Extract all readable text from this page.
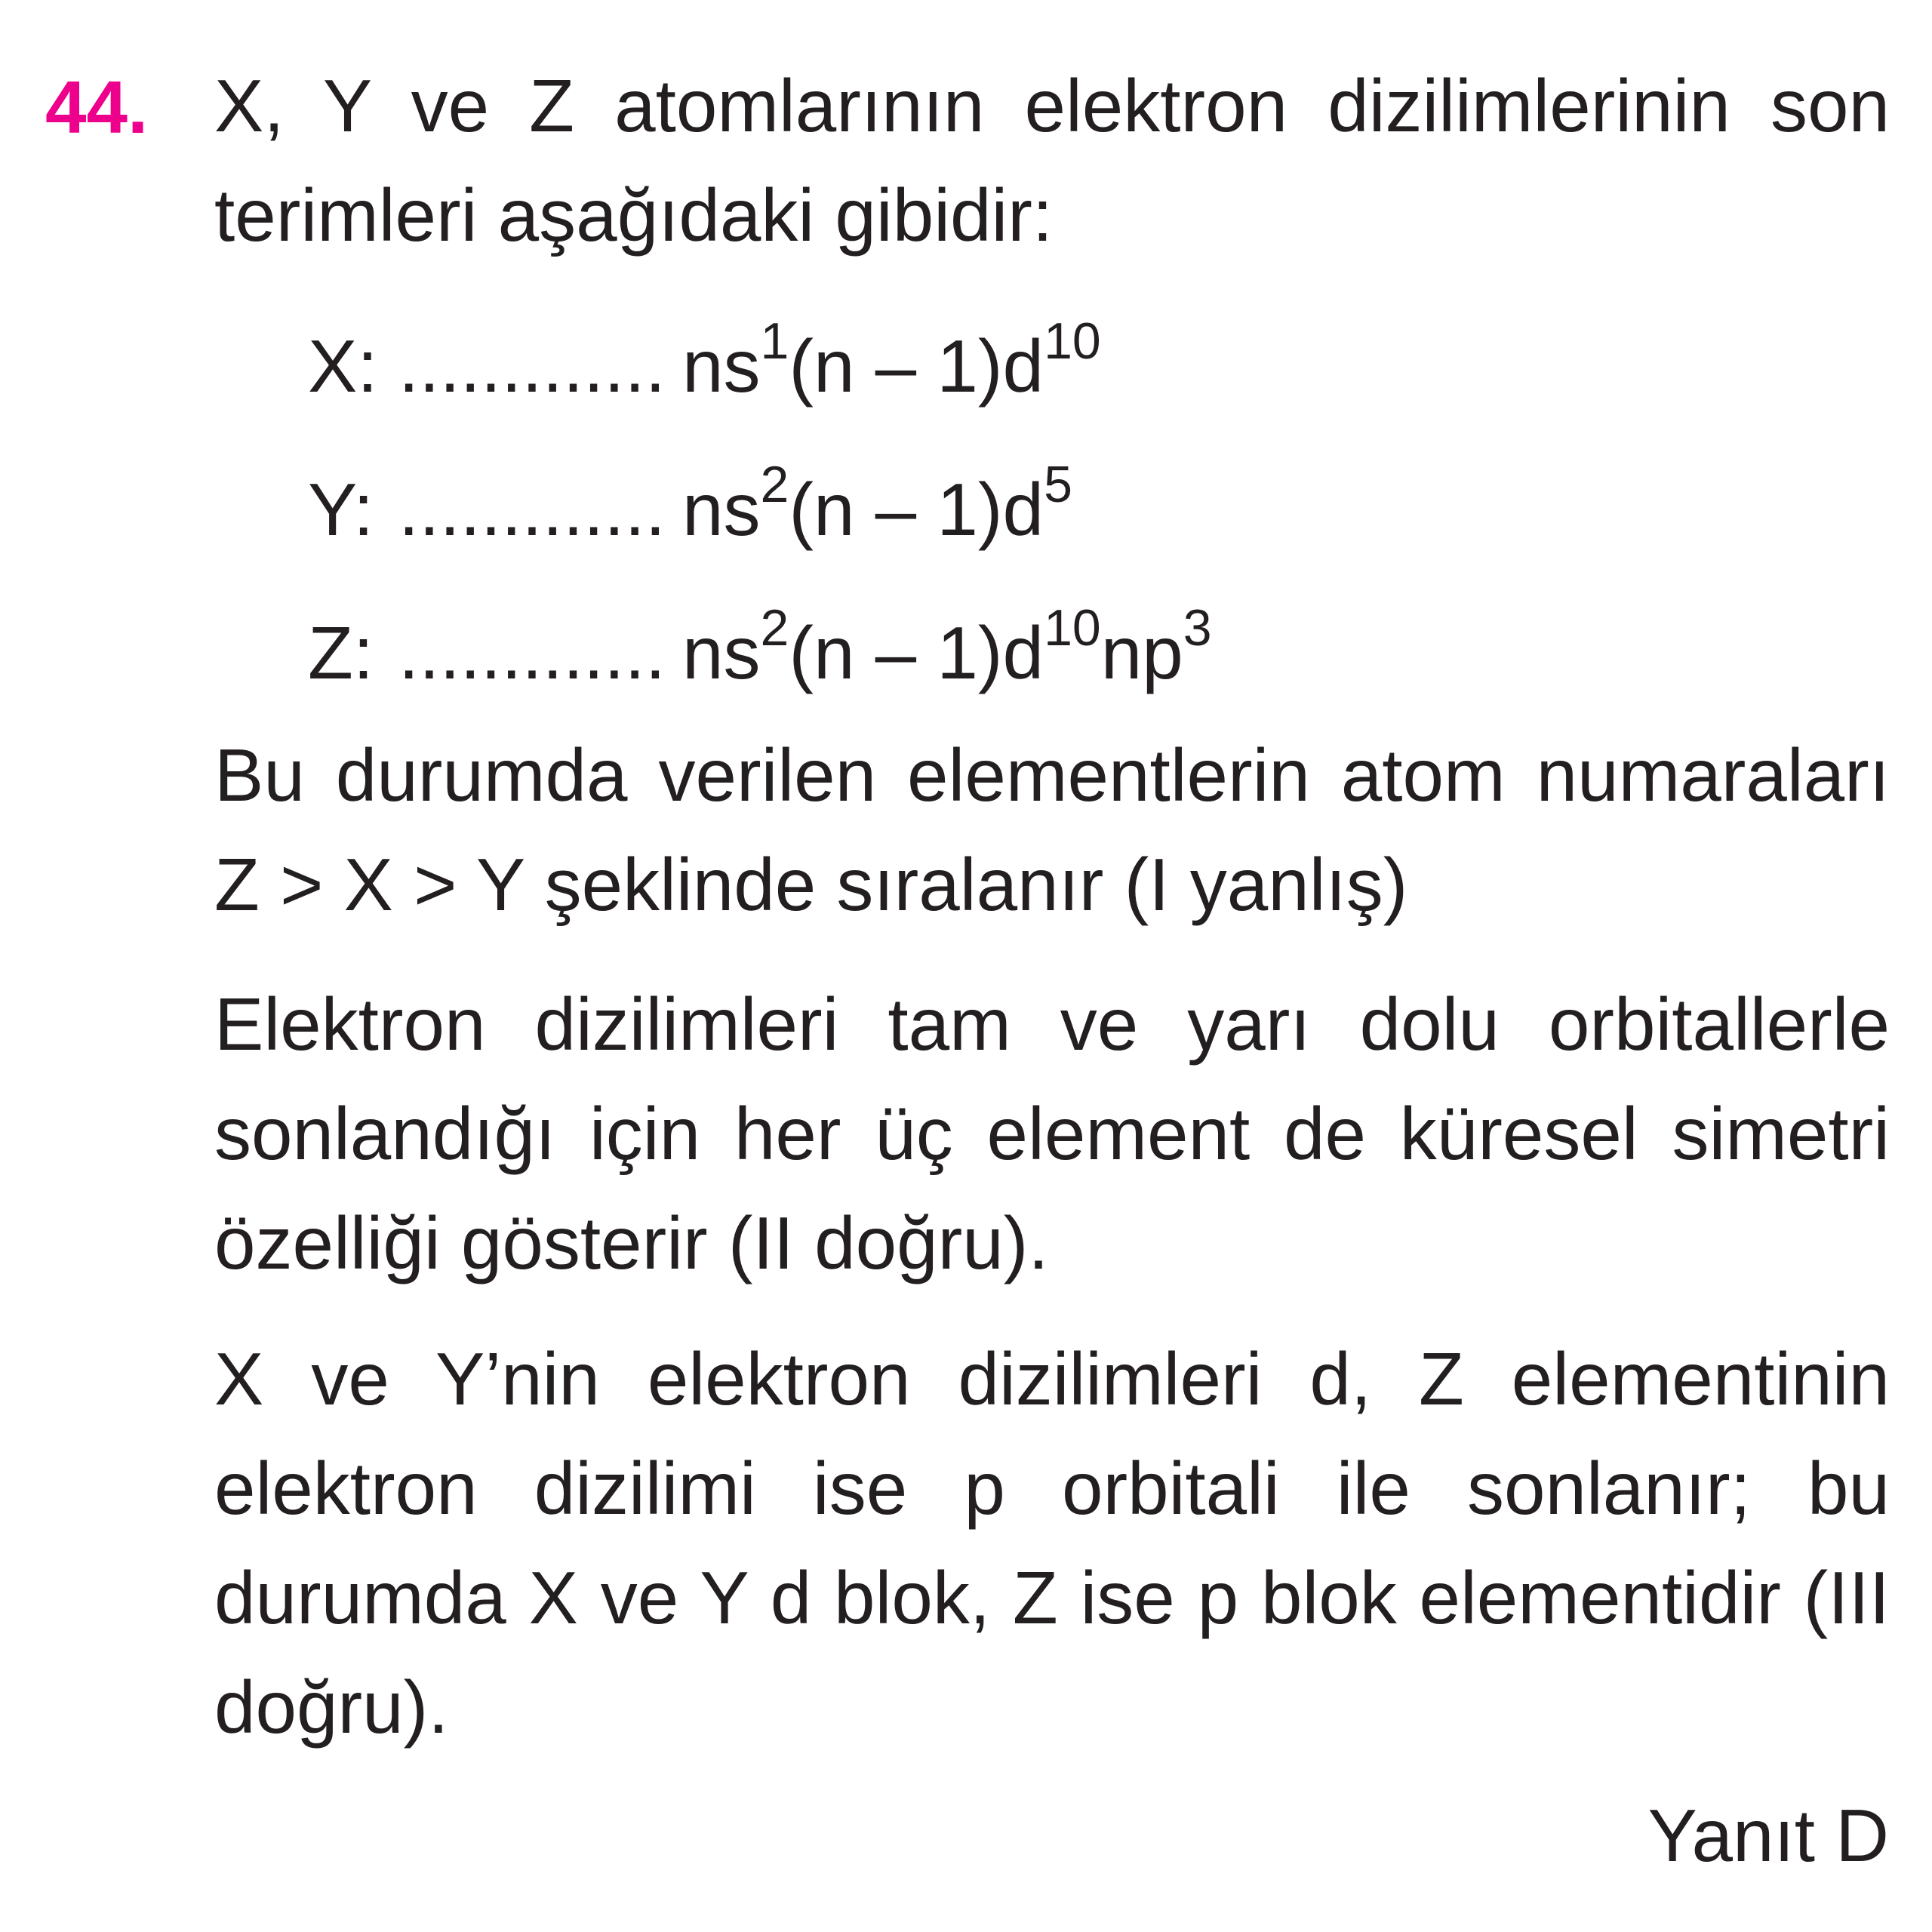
44. X, Y ve Z atomlarının elektron dizilimlerinin son terimleri aşağıdaki gibidir:
X: ............. $ns^1$ $(n - 1)d^{10}$
Y: ............. $ns^2$ $(n - 1)d^5$
Z: ............. $ns^2$ $(n - 1)d^{10}$ $np^3$
Bu durumda verilen elementlerin atom numaraları Z > X > Y şeklinde sıralanır (I yanlış)
Elektron dizilimleri tam ve yarı dolu orbitallerle sonlandığı için her üç element de küresel simetri özelliği gösterir (II doğru).
X ve Y’nin elektron dizilimleri d, Z elementinin elektron dizilimi ise p orbitali ile sonlanır; bu durumda X ve Y d blok, Z ise p blok elementidir (III doğru).
Yanıt D
